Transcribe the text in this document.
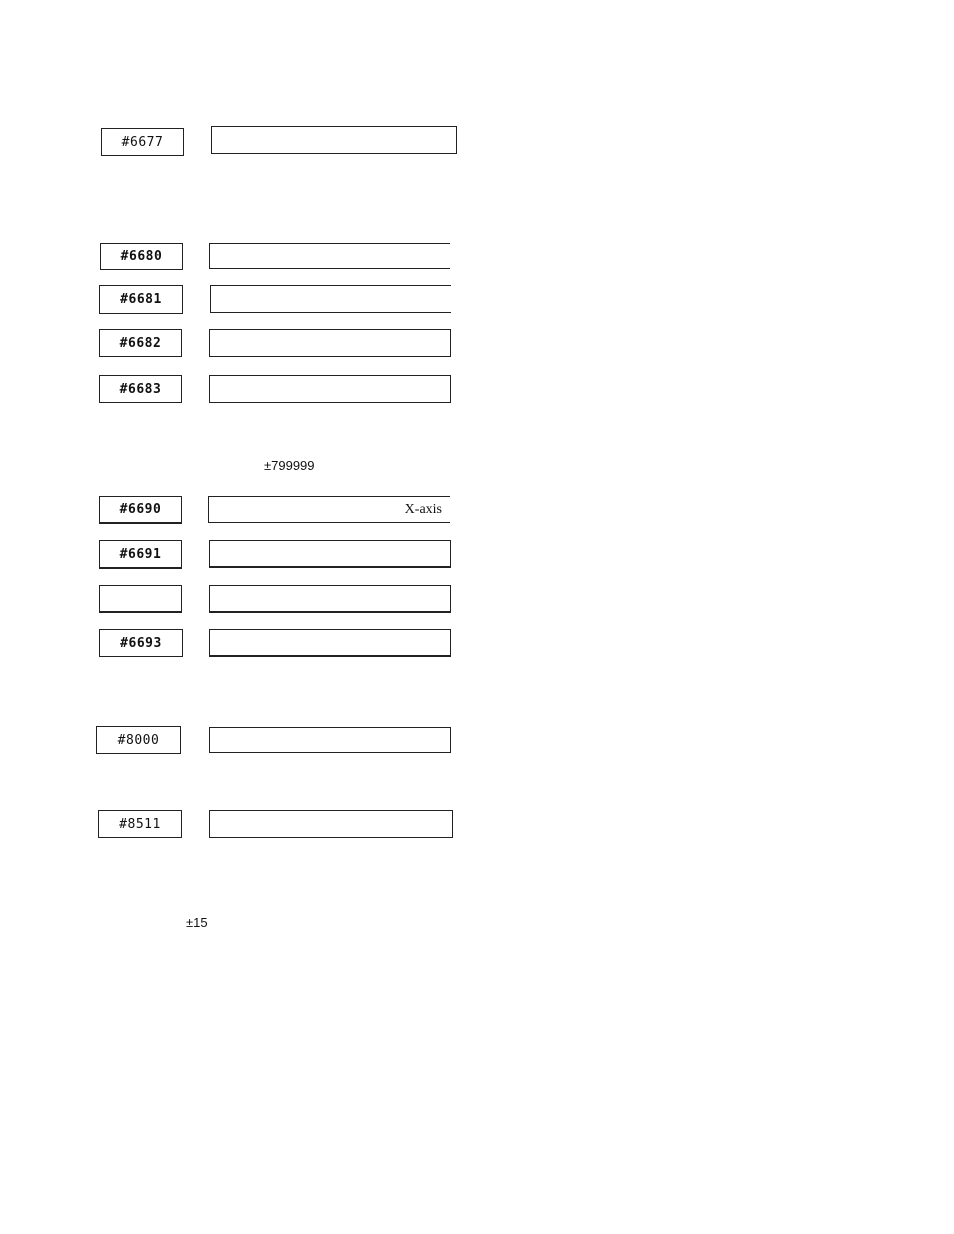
#6677
#6680
#6681
#6682
#6683
±799999
#6690	X-axis
#6691
#6693
#8000
#8511
±15
